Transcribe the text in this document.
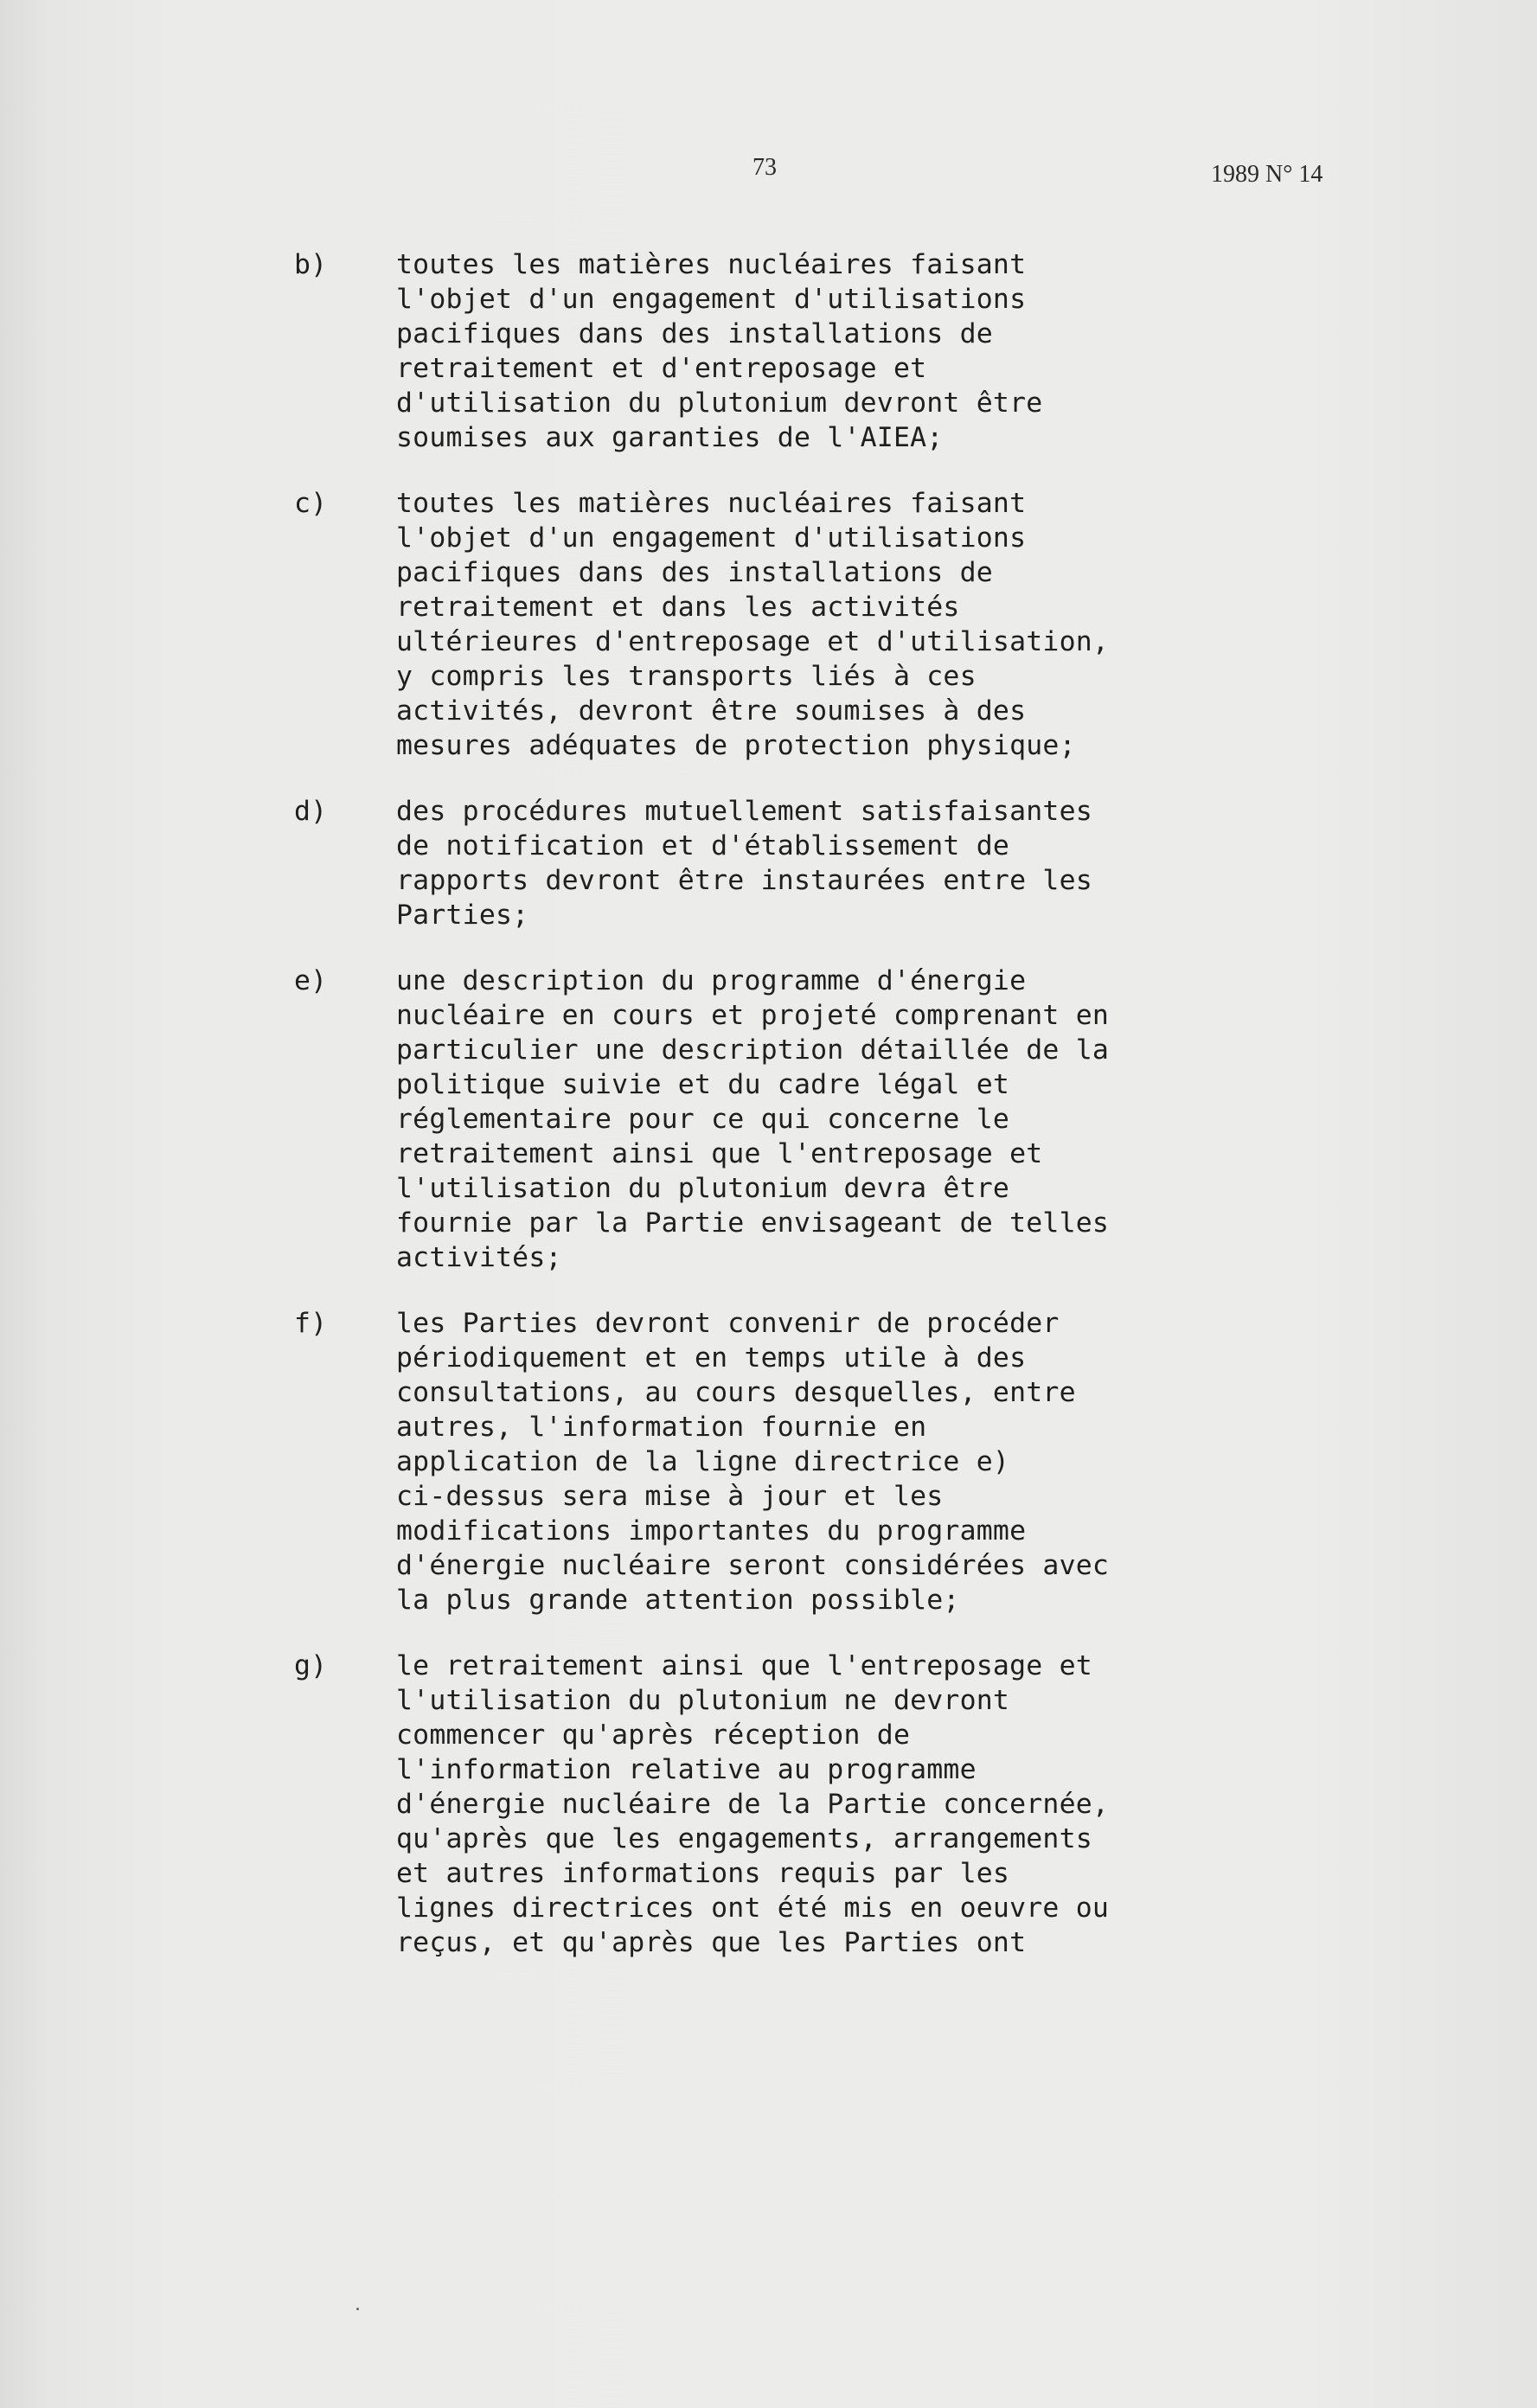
73	1989 N° 14
b)	toutes les matières nucléaires faisant
l'objet d'un engagement d'utilisations
pacifiques dans des installations de
retraitement et d'entreposage et
d'utilisation du plutonium devront être
soumises aux garanties de l'AIEA;
c)	toutes les matières nucléaires faisant
l'objet d'un engagement d'utilisations
pacifiques dans des installations de
retraitement et dans les activités
ultérieures d'entreposage et d'utilisation,
y compris les transports liés à ces
activités, devront être soumises à des
mesures adéquates de protection physique;
d)	des procédures mutuellement satisfaisantes
de notification et d'établissement de
rapports devront être instaurées entre les
Parties;
e)	une description du programme d'énergie
nucléaire en cours et projeté comprenant en
particulier une description détaillée de la
politique suivie et du cadre légal et
réglementaire pour ce qui concerne le
retraitement ainsi que l'entreposage et
l'utilisation du plutonium devra être
fournie par la Partie envisageant de telles
activités;
f)	les Parties devront convenir de procéder
périodiquement et en temps utile à des
consultations, au cours desquelles, entre
autres, l'information fournie en
application de la ligne directrice e)
ci-dessus sera mise à jour et les
modifications importantes du programme
d'énergie nucléaire seront considérées avec
la plus grande attention possible;
g)	le retraitement ainsi que l'entreposage et
l'utilisation du plutonium ne devront
commencer qu'après réception de
l'information relative au programme
d'énergie nucléaire de la Partie concernée,
qu'après que les engagements, arrangements
et autres informations requis par les
lignes directrices ont été mis en oeuvre ou
reçus, et qu'après que les Parties ont
